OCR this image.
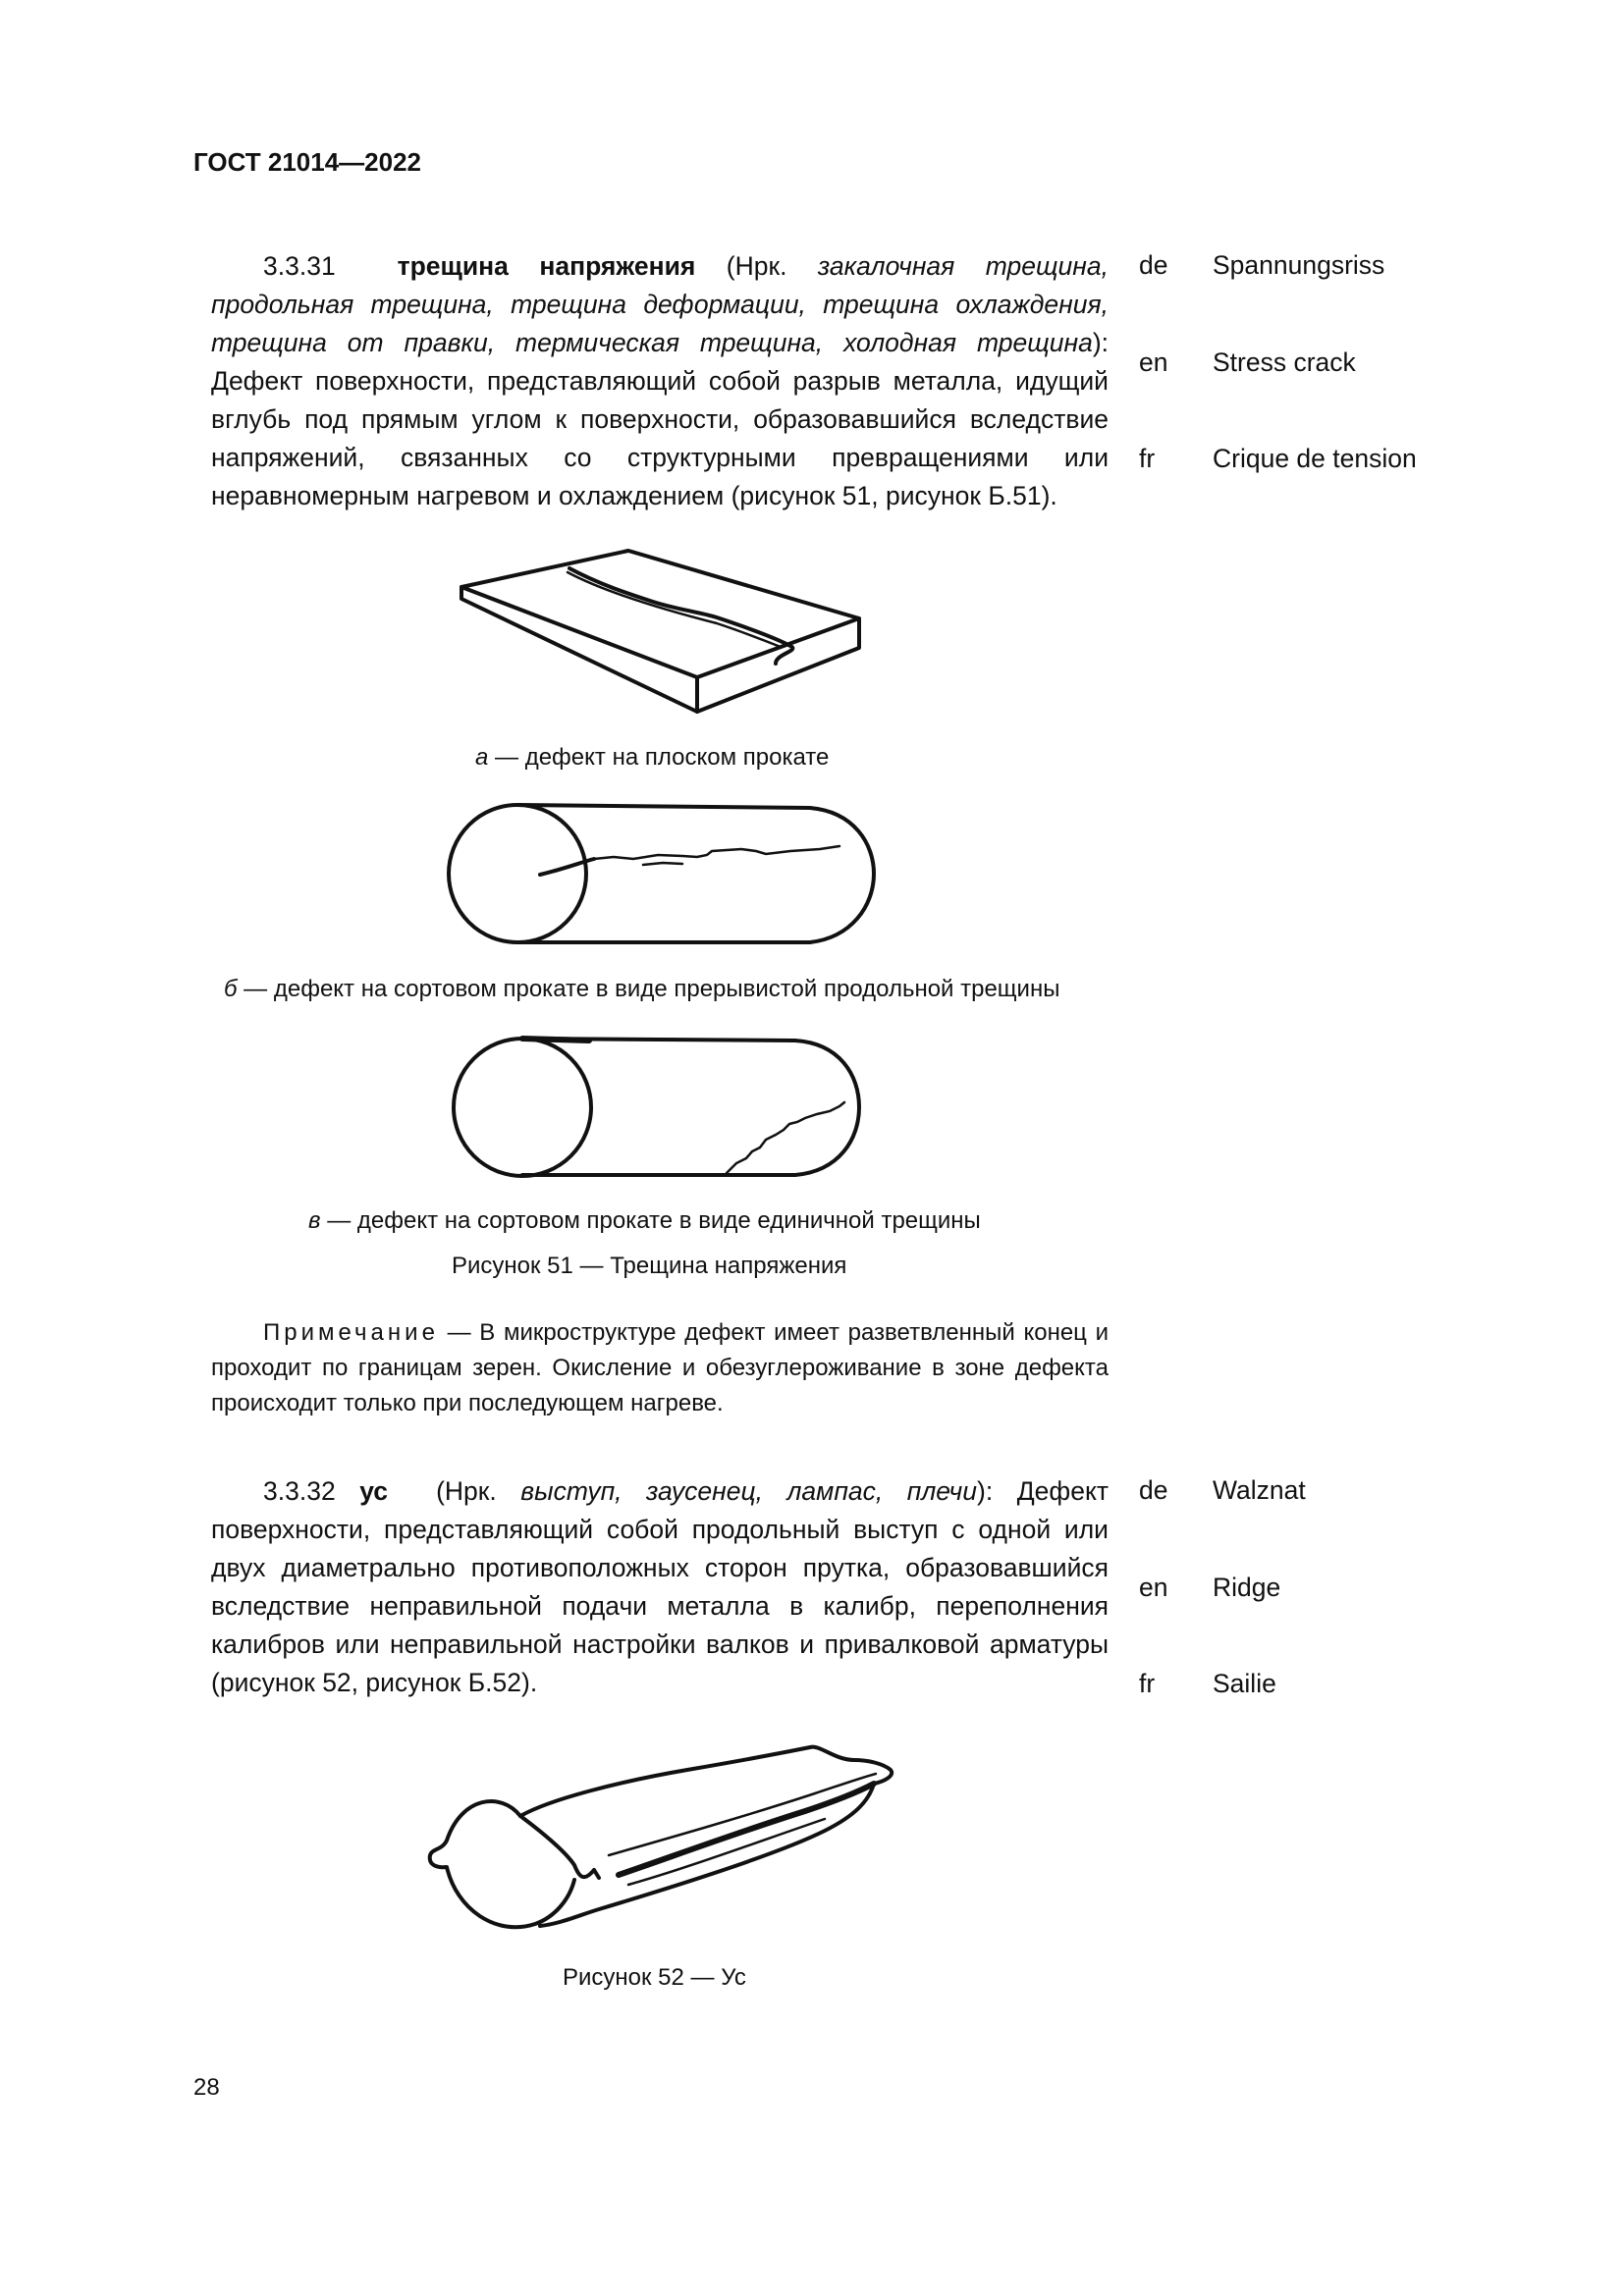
ГОСТ 21014—2022
3.3.31 трещина напряжения (Нрк. закалочная трещина, продольная трещина, трещина деформации, трещина охлаждения, трещина от правки, термическая трещина, холодная трещина): Дефект поверхности, представляющий собой разрыв металла, идущий вглубь под прямым углом к поверхности, образовавшийся вследствие напряжений, связанных со структурными превращениями или неравномерным нагревом и охлаждением (рисунок 51, рисунок Б.51).
de Spannungsriss
en Stress crack
fr Crique de tension
а — дефект на плоском прокате
б — дефект на сортовом прокате в виде прерывистой продольной трещины
в — дефект на сортовом прокате в виде единичной трещины
Рисунок 51 — Трещина напряжения
Примечание — В микроструктуре дефект имеет разветвленный конец и проходит по границам зерен. Окисление и обезуглероживание в зоне дефекта происходит только при последующем нагреве.
3.3.32 ус (Нрк. выступ, заусенец, лампас, плечи): Дефект поверхности, представляющий собой продольный выступ с одной или двух диаметрально противоположных сторон прутка, образовавшийся вследствие неправильной подачи металла в калибр, переполнения калибров или неправильной настройки валков и привалковой арматуры (рисунок 52, рисунок Б.52).
de Walznat
en Ridge
fr Sailie
Рисунок 52 — Ус
28
